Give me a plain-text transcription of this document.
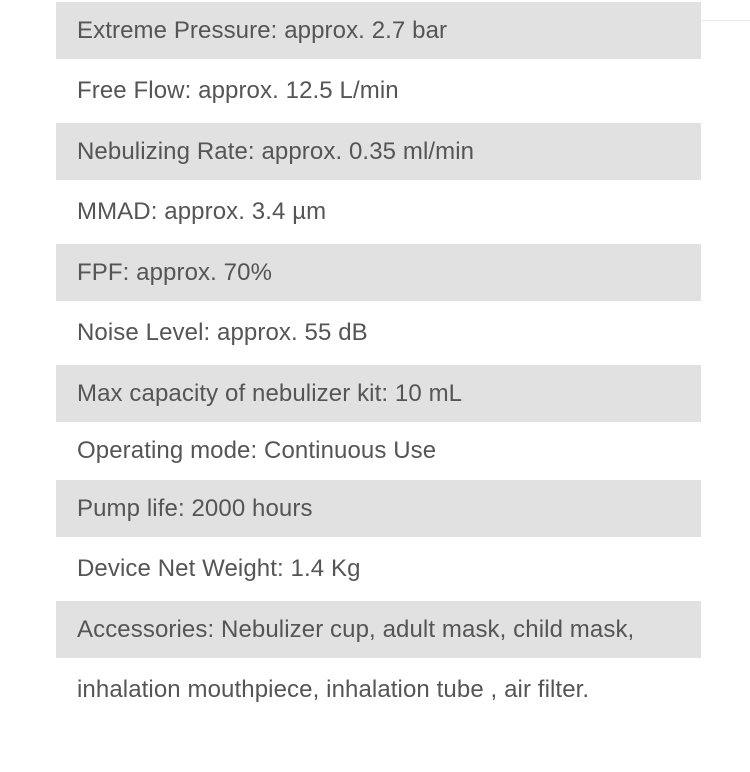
Extreme Pressure: approx. 2.7 bar
Free Flow: approx. 12.5 L/min
Nebulizing Rate: approx. 0.35 ml/min
MMAD: approx. 3.4 µm
FPF: approx. 70%
Noise Level: approx. 55 dB
Max capacity of nebulizer kit: 10 mL
Operating mode: Continuous Use
Pump life: 2000 hours
Device Net Weight: 1.4 Kg
Accessories: Nebulizer cup, adult mask, child mask,
inhalation mouthpiece, inhalation tube , air filter.
